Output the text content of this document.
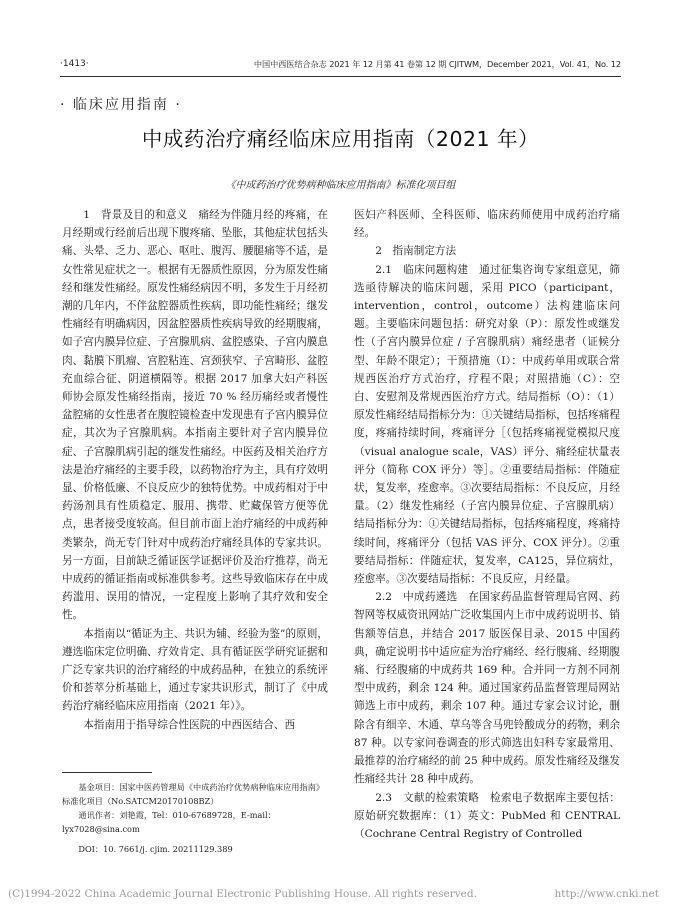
·1413·	中国中西医结合杂志 2021 年 12 月第 41 卷第 12 期 CJITWM，December 2021，Vol. 41，No. 12
· 临床应用指南 ·
中成药治疗痛经临床应用指南（2021 年）
《中成药治疗优势病种临床应用指南》标准化项目组

1　背景及目的和意义　痛经为伴随月经的疼痛，在月经期或行经前后出现下腹疼痛、坠胀，其他症状包括头痛、头晕、乏力、恶心、呕吐、腹泻、腰腿痛等不适，是女性常见症状之一。根据有无器质性原因，分为原发性痛经和继发性痛经。原发性痛经病因不明，多发生于月经初潮的几年内，不伴盆腔器质性疾病，即功能性痛经；继发性痛经有明确病因，因盆腔器质性疾病导致的经期腹痛，如子宫内膜异位症、子宫腺肌病、盆腔感染、子宫内膜息肉、黏膜下肌瘤、宫腔粘连、宫颈狭窄、子宫畸形、盆腔充血综合征、阴道横隔等。根据 2017 加拿大妇产科医师协会原发性痛经指南，接近 70 % 经历痛经或者慢性盆腔痛的女性患者在腹腔镜检查中发现患有子宫内膜异位症，其次为子宫腺肌病。本指南主要针对子宫内膜异位症、子宫腺肌病引起的继发性痛经。中医药及相关治疗方法是治疗痛经的主要手段，以药物治疗为主，具有疗效明显、价格低廉、不良反应少的独特优势。中成药相对于中药汤剂具有性质稳定、服用、携带、贮藏保管方便等优点，患者接受度较高。但目前市面上治疗痛经的中成药种类繁杂，尚无专门针对中成药治疗痛经具体的专家共识。另一方面，目前缺乏循证医学证据评价及治疗推荐，尚无中成药的循证指南或标准供参考。这些导致临床存在中成药滥用、误用的情况，一定程度上影响了其疗效和安全性。

本指南以“循证为主、共识为辅、经验为鉴”的原则，遵选临床定位明确、疗效肯定、具有循证医学研究证据和广泛专家共识的治疗痛经的中成药品种，在独立的系统评价和荟萃分析基础上，通过专家共识形式，制订了《中成药治疗痛经临床应用指南（2021 年）》。

本指南用于指导综合性医院的中西医结合、西

医妇产科医师、全科医师、临床药师使用中成药治疗痛经。

2　指南制定方法

2.1　临床问题构建　通过征集咨询专家组意见，筛选亟待解决的临床问题，采用 PICO（participant，intervention，control，outcome）法构建临床问题。主要临床问题包括：研究对象（P）：原发性或继发性（子宫内膜异位症 / 子宫腺肌病）痛经患者（证候分型、年龄不限定）；干预措施（I）：中成药单用或联合常规西医治疗方式治疗，疗程不限；对照措施（C）：空白、安慰剂及常规西医治疗方式。结局指标（O）：（1）原发性痛经结局指标分为：①关键结局指标，包括疼痛程度，疼痛持续时间，疼痛评分［（包括疼痛视觉模拟尺度（visual analogue scale，VAS）评分、痛经症状量表评分（简称 COX 评分）等］。②重要结局指标：伴随症状，复发率，痊愈率。③次要结局指标：不良反应，月经量。（2）继发性痛经（子宫内膜异位症、子宫腺肌病）结局指标分为：①关键结局指标，包括疼痛程度，疼痛持续时间，疼痛评分（包括 VAS 评分、COX 评分）。②重要结局指标：伴随症状，复发率，CA125，异位病灶，痊愈率。③次要结局指标：不良反应，月经量。

2.2　中成药遴选　在国家药品监督管理局官网、药智网等权威资讯网站广泛收集国内上市中成药说明书、销售额等信息，并结合 2017 版医保目录、2015 中国药典，确定说明书中适应症为治疗痛经、经行腹痛、经期腹痛、行经腹痛的中成药共 169 种。合并同一方剂不同剂型中成药，剩余 124 种。通过国家药品监督管理局网站筛选上市中成药，剩余 107 种。通过专家会议讨论，删除含有细辛、木通、草乌等含马兜铃酸成分的药物，剩余 87 种。以专家问卷调查的形式筛选出妇科专家最常用、最推荐的治疗痛经的前 25 种中成药。原发性痛经及继发性痛经共计 28 种中成药。

2.3　文献的检索策略　检索电子数据库主要包括：原始研究数据库：（1）英文：PubMed 和 CENTRAL（Cochrane Central Registry of Controlled

基金项目：国家中医药管理局《中成药治疗优势病种临床应用指南》标准化项目（No.SATCM20170108BZ）

通讯作者：刘艳霞，Tel：010-67689728，E-mail：lyx7028@sina.com

DOI：10. 7661/j. cjim. 20211129.389

(C)1994-2022 China Academic Journal Electronic Publishing House. All rights reserved.	http://www.cnki.net
